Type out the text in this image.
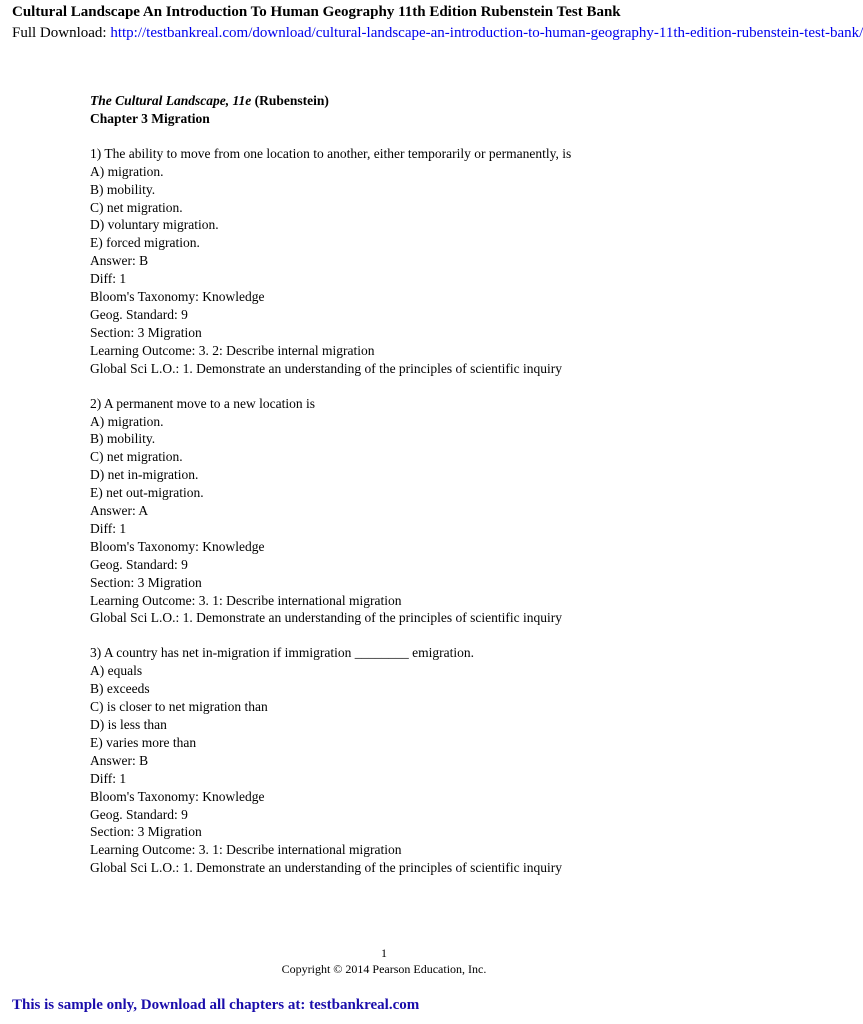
Cultural Landscape An Introduction To Human Geography 11th Edition Rubenstein Test Bank
Full Download: http://testbankreal.com/download/cultural-landscape-an-introduction-to-human-geography-11th-edition-rubenstein-test-bank/
The Cultural Landscape, 11e (Rubenstein)
Chapter 3 Migration
1) The ability to move from one location to another, either temporarily or permanently, is
A) migration.
B) mobility.
C) net migration.
D) voluntary migration.
E) forced migration.
Answer: B
Diff: 1
Bloom's Taxonomy: Knowledge
Geog. Standard: 9
Section: 3 Migration
Learning Outcome: 3. 2: Describe internal migration
Global Sci L.O.: 1. Demonstrate an understanding of the principles of scientific inquiry
2) A permanent move to a new location is
A) migration.
B) mobility.
C) net migration.
D) net in-migration.
E) net out-migration.
Answer: A
Diff: 1
Bloom's Taxonomy: Knowledge
Geog. Standard: 9
Section: 3 Migration
Learning Outcome: 3. 1: Describe international migration
Global Sci L.O.: 1. Demonstrate an understanding of the principles of scientific inquiry
3) A country has net in-migration if immigration ________ emigration.
A) equals
B) exceeds
C) is closer to net migration than
D) is less than
E) varies more than
Answer: B
Diff: 1
Bloom's Taxonomy: Knowledge
Geog. Standard: 9
Section: 3 Migration
Learning Outcome: 3. 1: Describe international migration
Global Sci L.O.: 1. Demonstrate an understanding of the principles of scientific inquiry
1
Copyright © 2014 Pearson Education, Inc.
This is sample only, Download all chapters at: testbankreal.com
